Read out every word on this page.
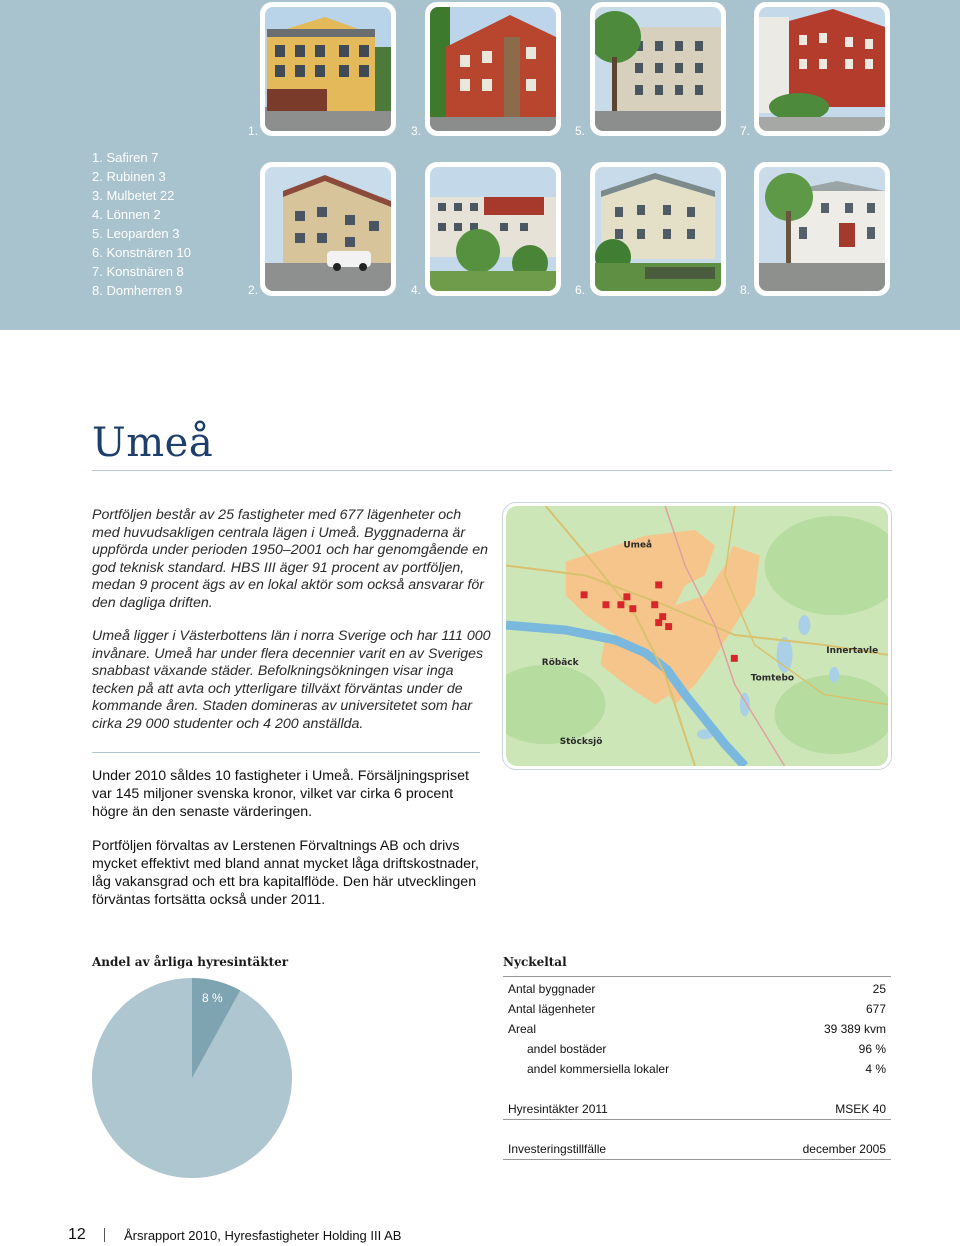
1. Safiren 7
2. Rubinen 3
3. Mulbetet 22
4. Lönnen 2
5. Leoparden 3
6. Konstnären 10
7. Konstnären 8
8. Domherren 9
1.
2.
3.
4.
5.
6.
7.
8.
Umeå

Portföljen består av 25 fastigheter med 677 lägenheter och med huvudsakligen centrala lägen i Umeå. Byggnaderna är uppförda under perioden 1950–2001 och har genomgående en god teknisk standard. HBS III äger 91 procent av portföljen, medan 9 procent ägs av en lokal aktör som också ansvarar för den dagliga driften.

Umeå ligger i Västerbottens län i norra Sverige och har 111 000 invånare. Umeå har under flera decennier varit en av Sveriges snabbast växande städer. Befolkningsökningen visar inga tecken på att avta och ytterligare tillväxt förväntas under de kommande åren. Staden domineras av universitetet som har cirka 29 000 studenter och 4 200 anställda.

Under 2010 såldes 10 fastigheter i Umeå. Försäljningspriset var 145 miljoner svenska kronor, vilket var cirka 6 procent högre än den senaste värderingen.

Portföljen förvaltas av Lerstenen Förvaltnings AB och drivs mycket effektivt med bland annat mycket låga driftskostnader, låg vakansgrad och ett bra kapitalflöde. Den här utvecklingen förväntas fortsätta också under 2011.

Umeå
Innertavle
Röbäck
Tomtebo
Stöcksjö
Andel av årliga hyresintäkter
8 %
Nyckeltal
Antal byggnader	25
Antal lägenheter	677
Areal	39 389 kvm
andel bostäder	96 %
andel kommersiella lokaler	4 %
Hyresintäkter 2011	MSEK 40
Investeringstillfälle	december 2005
12	Årsrapport 2010, Hyresfastigheter Holding III AB
